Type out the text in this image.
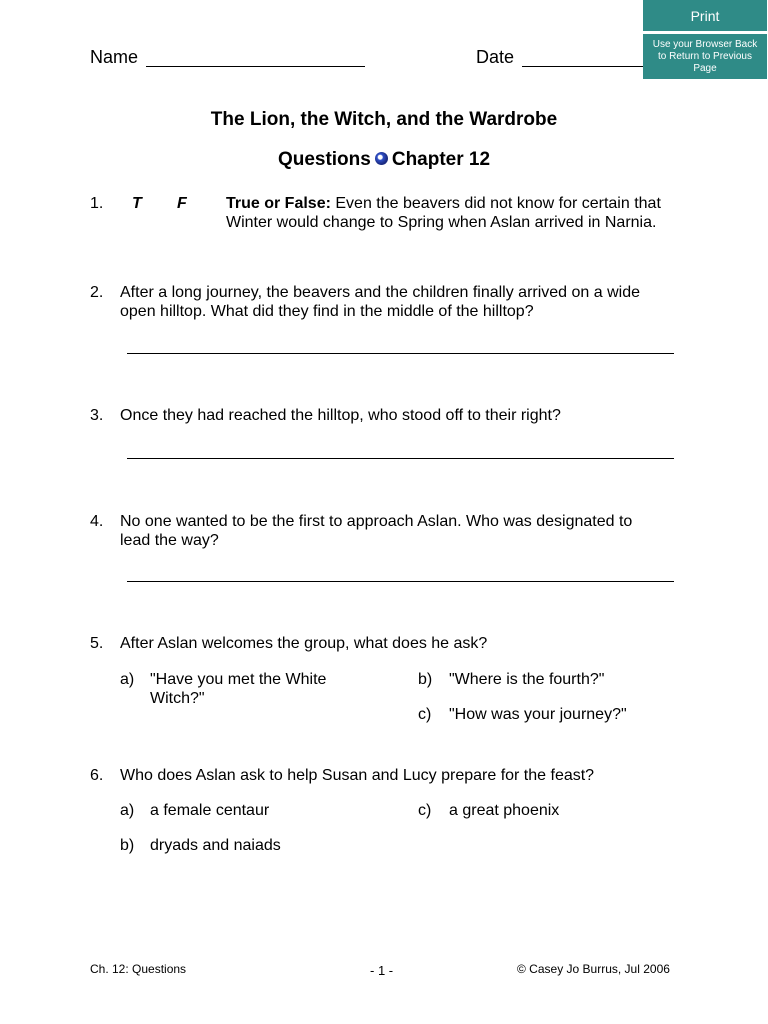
Print
Use your Browser Back to Return to Previous Page
Name	Date
The Lion, the Witch, and the Wardrobe
Questions Chapter 12
1. T F True or False: Even the beavers did not know for certain that Winter would change to Spring when Aslan arrived in Narnia.
2. After a long journey, the beavers and the children finally arrived on a wide open hilltop. What did they find in the middle of the hilltop?
3. Once they had reached the hilltop, who stood off to their right?
4. No one wanted to be the first to approach Aslan. Who was designated to lead the way?
5. After Aslan welcomes the group, what does he ask?
a) "Have you met the White Witch?"
b) "Where is the fourth?"
c) "How was your journey?"
6. Who does Aslan ask to help Susan and Lucy prepare for the feast?
a) a female centaur	c) a great phoenix
b) dryads and naiads
Ch. 12: Questions	- 1 -	© Casey Jo Burrus, Jul 2006
